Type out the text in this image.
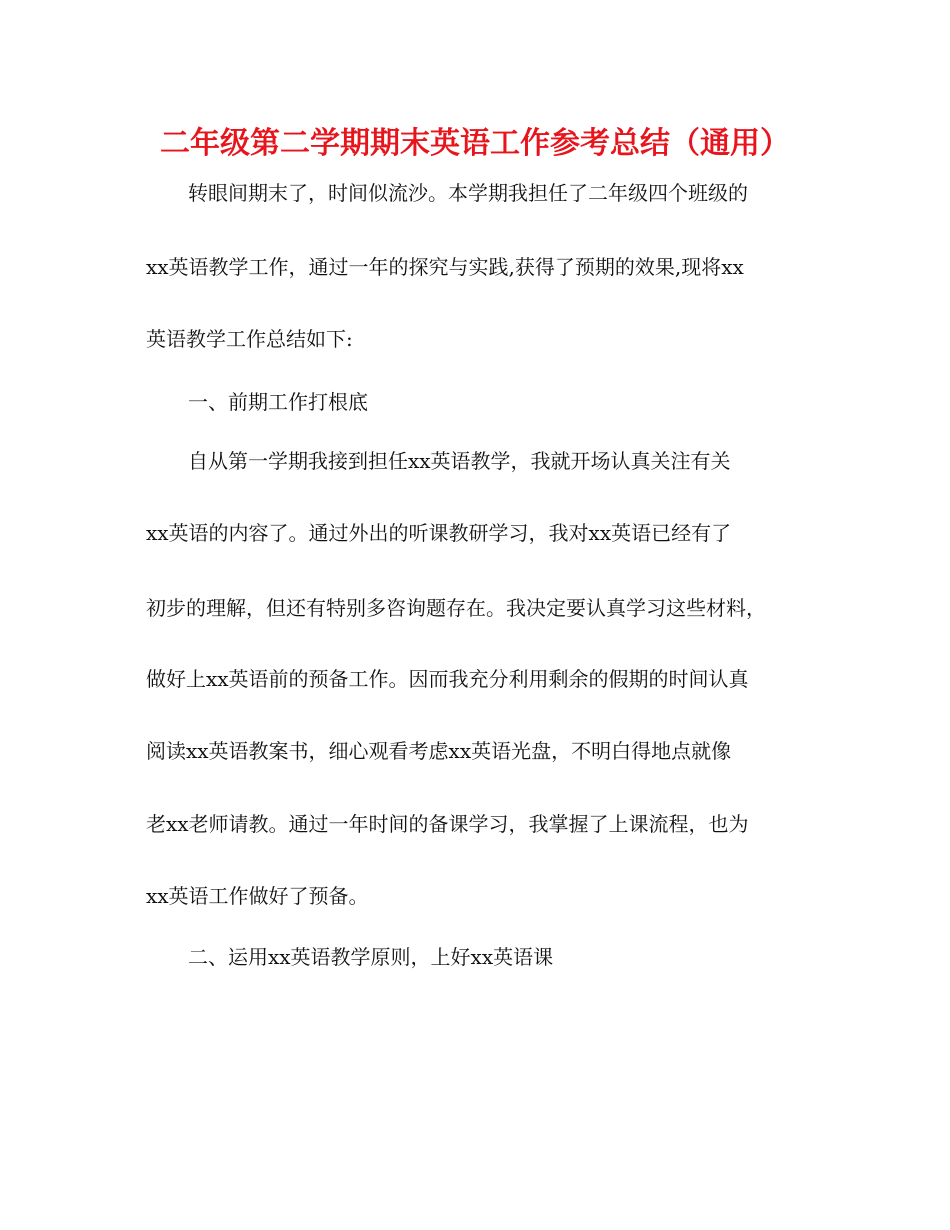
二年级第二学期期末英语工作参考总结（通用）
转眼间期末了，时间似流沙。本学期我担任了二年级四个班级的
xx英语教学工作，通过一年的探究与实践,获得了预期的效果,现将xx
英语教学工作总结如下:
一、前期工作打根底
自从第一学期我接到担任xx英语教学，我就开场认真关注有关
xx英语的内容了。通过外出的听课教研学习，我对xx英语已经有了
初步的理解，但还有特别多咨询题存在。我决定要认真学习这些材料，
做好上xx英语前的预备工作。因而我充分利用剩余的假期的时间认真
阅读xx英语教案书，细心观看考虑xx英语光盘，不明白得地点就像
老xx老师请教。通过一年时间的备课学习，我掌握了上课流程，也为
xx英语工作做好了预备。
二、运用xx英语教学原则，上好xx英语课
